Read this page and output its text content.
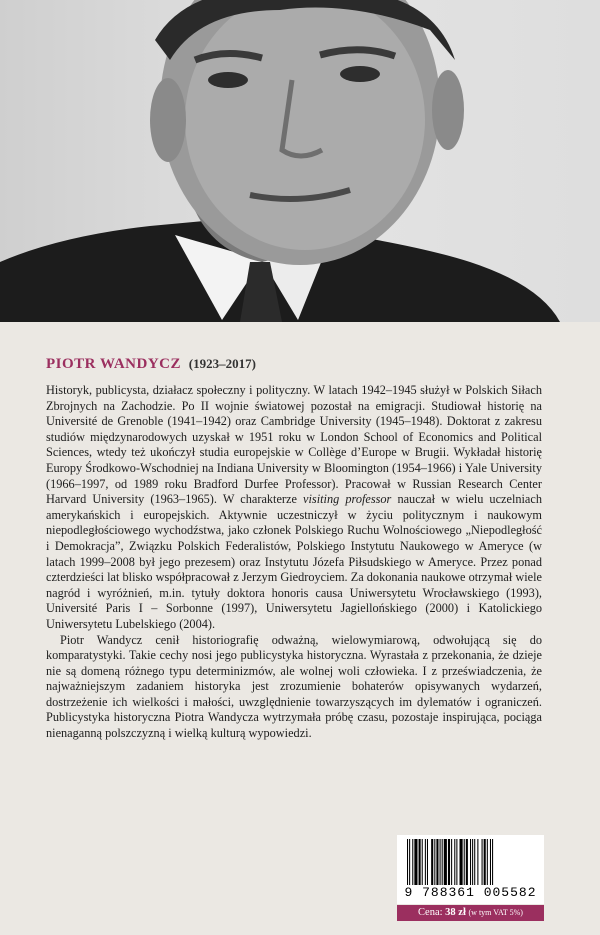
PIOTR WANDYCZ (1923–2017)

Historyk, publicysta, działacz społeczny i polityczny. W latach 1942–1945 służył w Polskich Siłach Zbrojnych na Zachodzie. Po II wojnie światowej pozostał na emigracji. Studiował historię na Université de Grenoble (1941–1942) oraz Cambridge University (1945–1948). Doktorat z zakresu studiów międzynarodowych uzyskał w 1951 roku w London School of Economics and Political Sciences, wtedy też ukończył studia europejskie w Collège d’Europe w Brugii. Wykładał historię Europy Środkowo-Wschodniej na Indiana University w Bloomington (1954–1966) i Yale University (1966–1997, od 1989 roku Bradford Durfee Professor). Pracował w Russian Research Center Harvard University (1963–1965). W charakterze visiting professor nauczał w wielu uczelniach amerykańskich i europejskich. Aktywnie uczestniczył w życiu politycznym i naukowym niepodległościowego wychodźstwa, jako członek Polskiego Ruchu Wolnościowego „Niepodległość i Demokracja”, Związku Polskich Federalistów, Polskiego Instytutu Naukowego w Ameryce (w latach 1999–2008 był jego prezesem) oraz Instytutu Józefa Piłsudskiego w Ameryce. Przez ponad czterdzieści lat blisko współpracował z Jerzym Giedroyciem. Za dokonania naukowe otrzymał wiele nagród i wyróżnień, m.in. tytuły doktora honoris causa Uniwersytetu Wrocławskiego (1993), Université Paris I – Sorbonne (1997), Uniwersytetu Jagiellońskiego (2000) i Katolickiego Uniwersytetu Lubelskiego (2004).

Piotr Wandycz cenił historiografię odważną, wielowymiarową, odwołującą się do komparatystyki. Takie cechy nosi jego publicystyka historyczna. Wyrastała z przekonania, że dzieje nie są domeną różnego typu determinizmów, ale wolnej woli człowieka. I z przeświadczenia, że najważniejszym zadaniem historyka jest zrozumienie bohaterów opisywanych wydarzeń, dostrzeżenie ich wielkości i małości, uwzględnienie towarzyszących im dylematów i ograniczeń. Publicystyka historyczna Piotra Wandycza wytrzymała próbę czasu, pozostaje inspirująca, pociąga nienaganną polszczyzną i wielką kulturą wypowiedzi.

9 788361 005582
Cena: 38 zł (w tym VAT 5%)
